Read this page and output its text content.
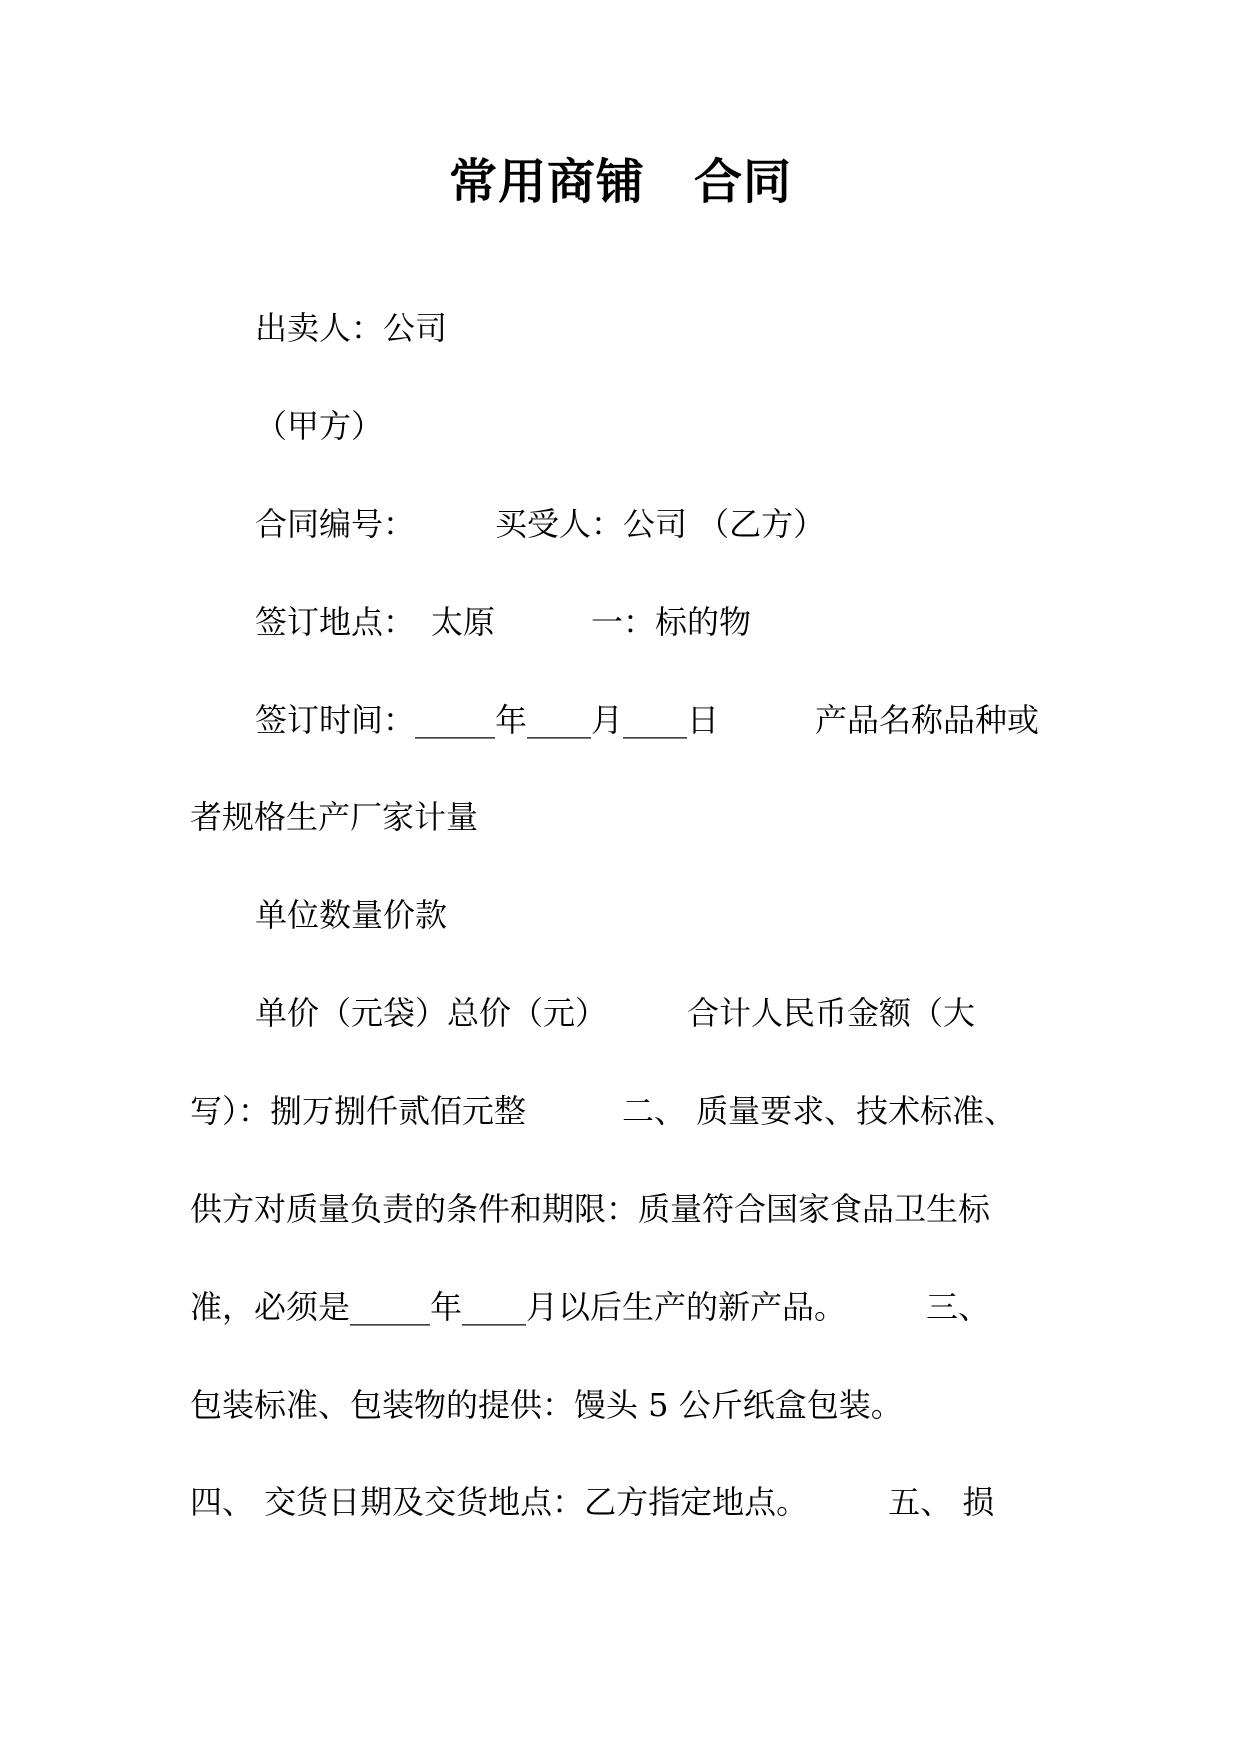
常用商铺　合同
出卖人：公司
（甲方）
合同编号：　　　买受人：公司 （乙方）
签订地点：　太原　　　一：标的物
签订时间：_____年____月____日　　　产品名称品种或
者规格生产厂家计量
单位数量价款
单价（元袋）总价（元）　　　合计人民币金额（大
写）：捌万捌仟贰佰元整　　　二、 质量要求、技术标准、
供方对质量负责的条件和期限：质量符合国家食品卫生标
准，必须是_____年____月以后生产的新产品。　　　三、
包装标准、包装物的提供：馒头 5 公斤纸盒包装。
四、 交货日期及交货地点：乙方指定地点。　　　五、 损
